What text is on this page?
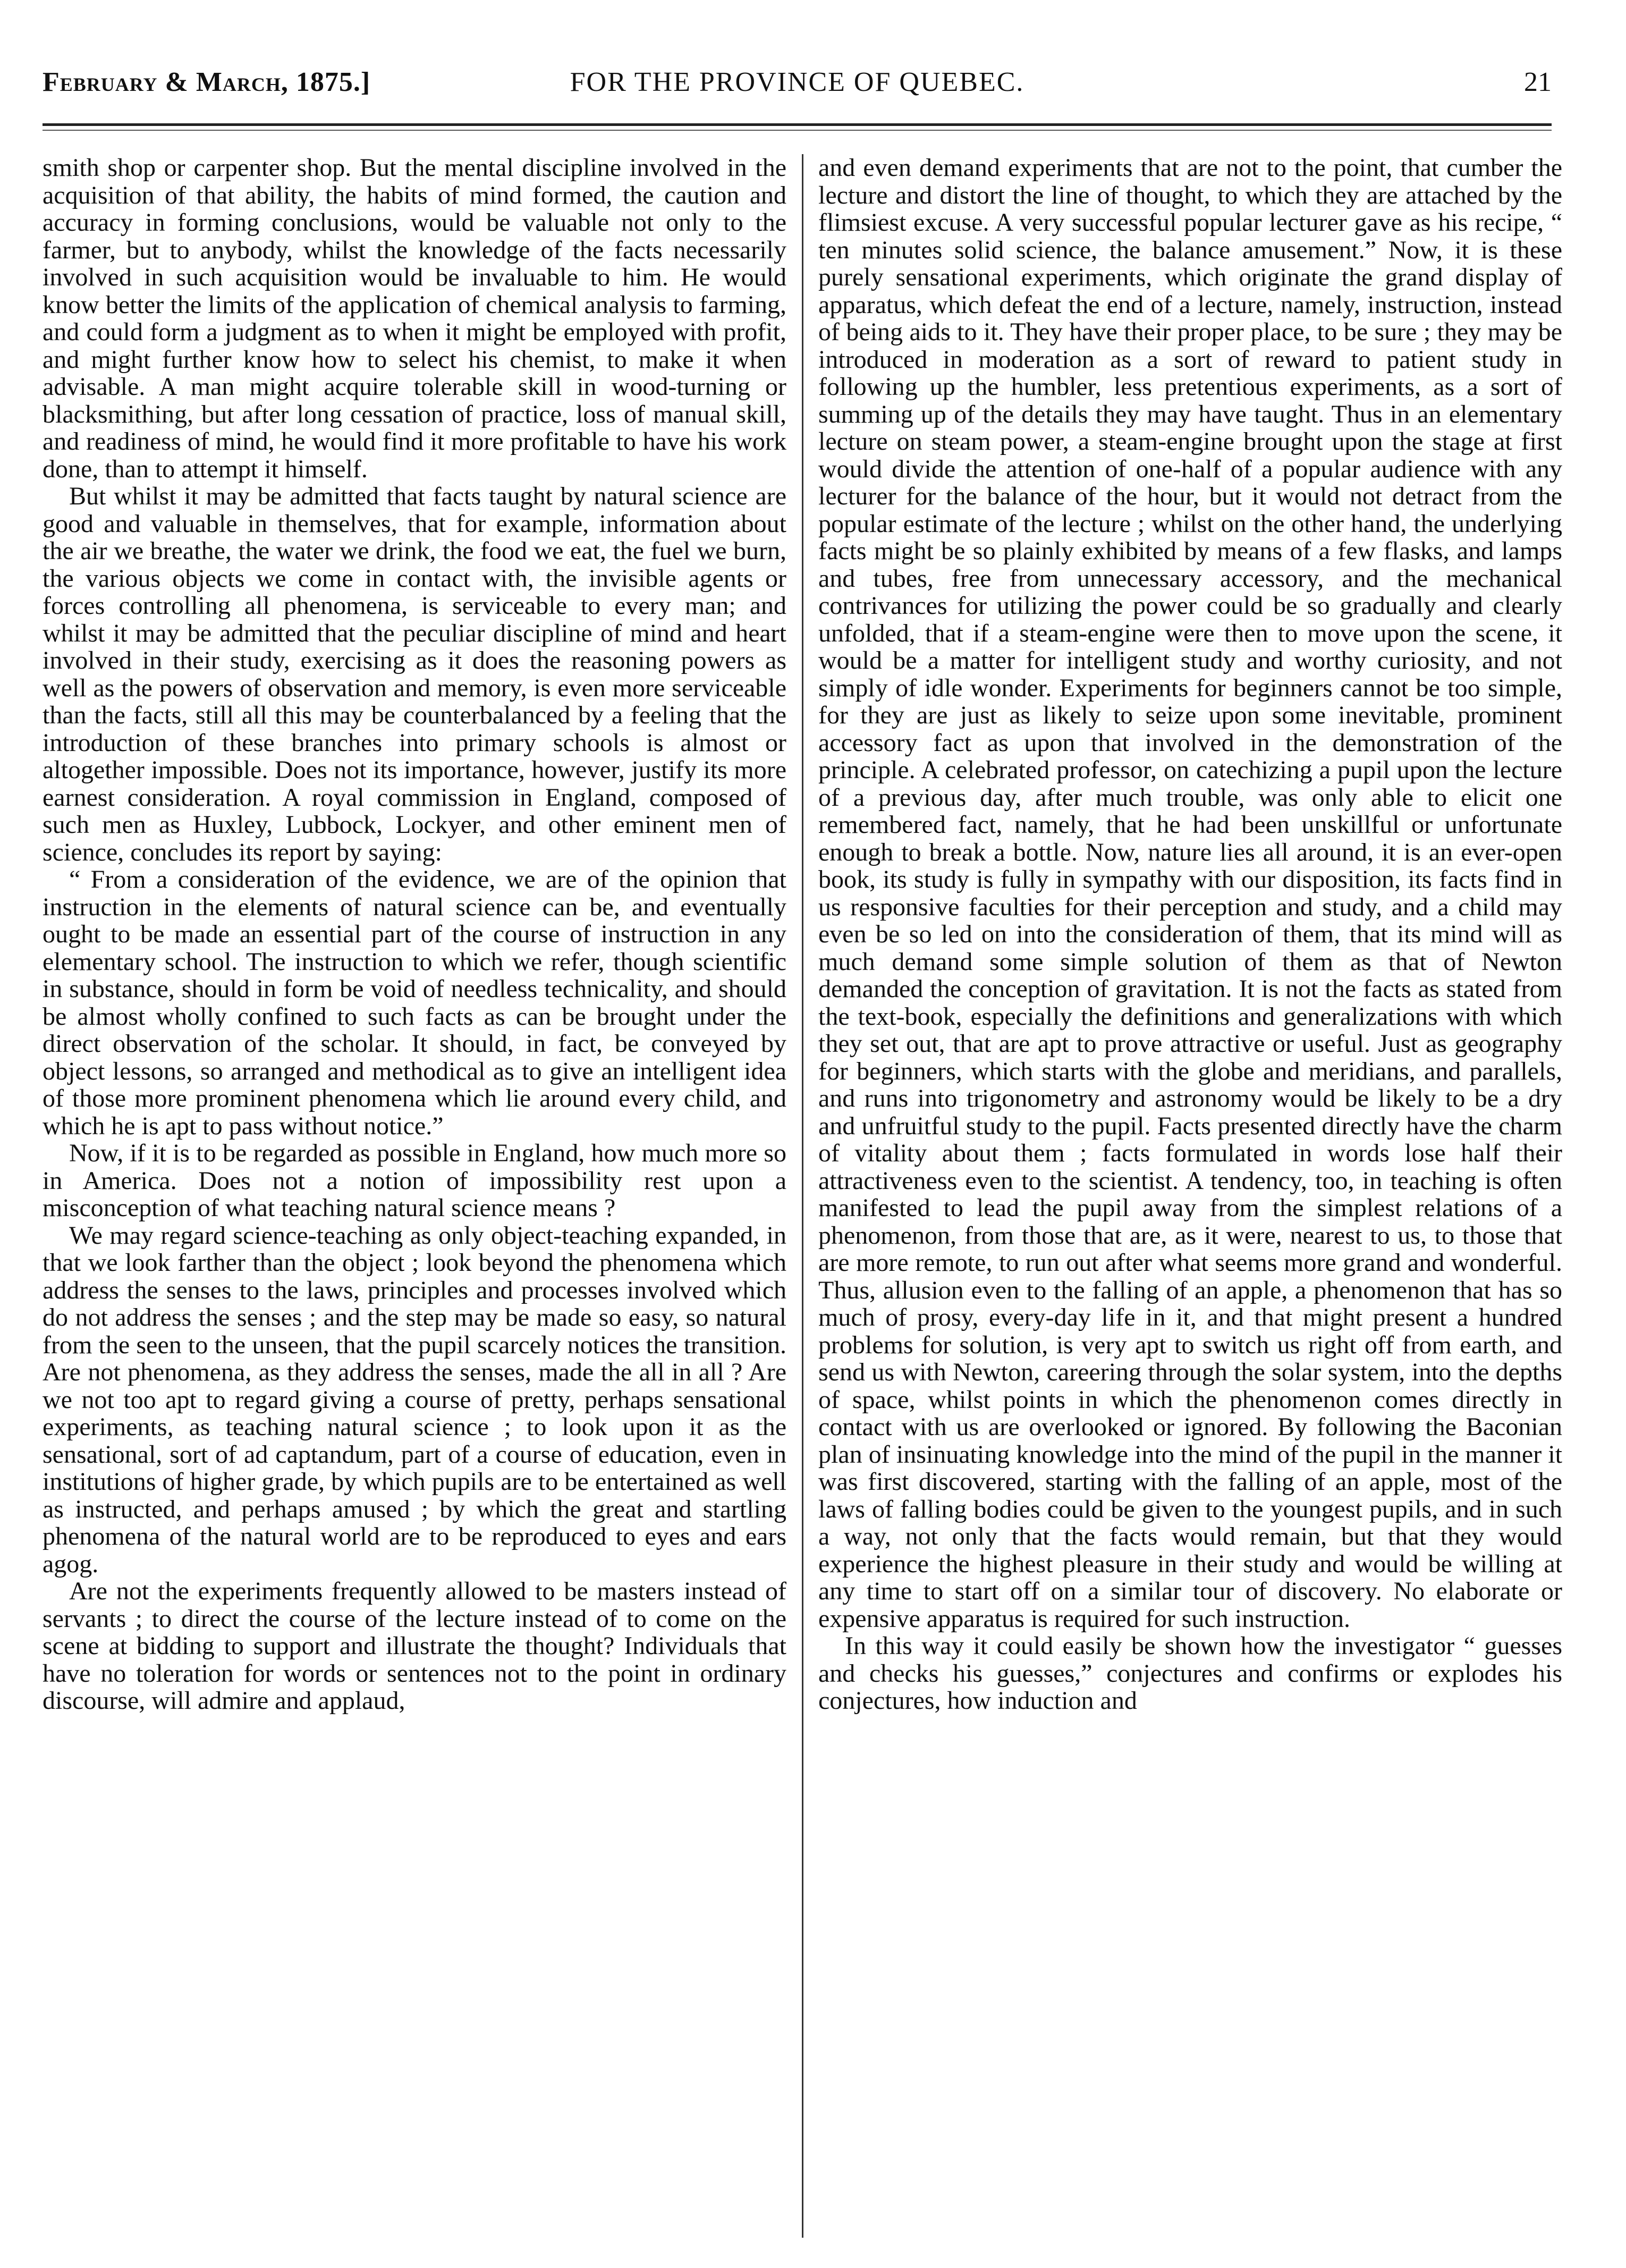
February & March, 1875.]	FOR THE PROVINCE OF QUEBEC.	21

smith shop or carpenter shop. But the mental discipline involved in the acquisition of that ability, the habits of mind formed, the caution and accuracy in forming conclusions, would be valuable not only to the farmer, but to anybody, whilst the knowledge of the facts necessarily involved in such acquisition would be invaluable to him. He would know better the limits of the application of chemical analysis to farming, and could form a judgment as to when it might be employed with profit, and might further know how to select his chemist, to make it when advisable. A man might acquire tolerable skill in wood-turning or blacksmithing, but after long cessation of practice, loss of manual skill, and readiness of mind, he would find it more profitable to have his work done, than to attempt it himself.

But whilst it may be admitted that facts taught by natural science are good and valuable in themselves, that for example, information about the air we breathe, the water we drink, the food we eat, the fuel we burn, the various objects we come in contact with, the invisible agents or forces controlling all phenomena, is serviceable to every man; and whilst it may be admitted that the peculiar discipline of mind and heart involved in their study, exercising as it does the reasoning powers as well as the powers of observation and memory, is even more serviceable than the facts, still all this may be counterbalanced by a feeling that the introduction of these branches into primary schools is almost or altogether impossible. Does not its importance, however, justify its more earnest consideration. A royal commission in England, composed of such men as Huxley, Lubbock, Lockyer, and other eminent men of science, concludes its report by saying:

“ From a consideration of the evidence, we are of the opinion that instruction in the elements of natural science can be, and eventually ought to be made an essential part of the course of instruction in any elementary school. The instruction to which we refer, though scientific in substance, should in form be void of needless technicality, and should be almost wholly confined to such facts as can be brought under the direct observation of the scholar. It should, in fact, be conveyed by object lessons, so arranged and methodical as to give an intelligent idea of those more prominent phenomena which lie around every child, and which he is apt to pass without notice.”

Now, if it is to be regarded as possible in England, how much more so in America. Does not a notion of impossibility rest upon a misconception of what teaching natural science means ?

We may regard science-teaching as only object-teaching expanded, in that we look farther than the object ; look beyond the phenomena which address the senses to the laws, principles and processes involved which do not address the senses ; and the step may be made so easy, so natural from the seen to the unseen, that the pupil scarcely notices the transition. Are not phenomena, as they address the senses, made the all in all ? Are we not too apt to regard giving a course of pretty, perhaps sensational experiments, as teaching natural science ; to look upon it as the sensational, sort of ad captandum, part of a course of education, even in institutions of higher grade, by which pupils are to be entertained as well as instructed, and perhaps amused ; by which the great and startling phenomena of the natural world are to be reproduced to eyes and ears agog.

Are not the experiments frequently allowed to be masters instead of servants ; to direct the course of the lecture instead of to come on the scene at bidding to support and illustrate the thought? Individuals that have no toleration for words or sentences not to the point in ordinary discourse, will admire and applaud,

and even demand experiments that are not to the point, that cumber the lecture and distort the line of thought, to which they are attached by the flimsiest excuse. A very successful popular lecturer gave as his recipe, “ ten minutes solid science, the balance amusement.” Now, it is these purely sensational experiments, which originate the grand display of apparatus, which defeat the end of a lecture, namely, instruction, instead of being aids to it. They have their proper place, to be sure ; they may be introduced in moderation as a sort of reward to patient study in following up the humbler, less pretentious experiments, as a sort of summing up of the details they may have taught. Thus in an elementary lecture on steam power, a steam-engine brought upon the stage at first would divide the attention of one-half of a popular audience with any lecturer for the balance of the hour, but it would not detract from the popular estimate of the lecture ; whilst on the other hand, the underlying facts might be so plainly exhibited by means of a few flasks, and lamps and tubes, free from unnecessary accessory, and the mechanical contrivances for utilizing the power could be so gradually and clearly unfolded, that if a steam-engine were then to move upon the scene, it would be a matter for intelligent study and worthy curiosity, and not simply of idle wonder. Experiments for beginners cannot be too simple, for they are just as likely to seize upon some inevitable, prominent accessory fact as upon that involved in the demonstration of the principle. A celebrated professor, on catechizing a pupil upon the lecture of a previous day, after much trouble, was only able to elicit one remembered fact, namely, that he had been unskillful or unfortunate enough to break a bottle. Now, nature lies all around, it is an ever-open book, its study is fully in sympathy with our disposition, its facts find in us responsive faculties for their perception and study, and a child may even be so led on into the consideration of them, that its mind will as much demand some simple solution of them as that of Newton demanded the conception of gravitation. It is not the facts as stated from the text-book, especially the definitions and generalizations with which they set out, that are apt to prove attractive or useful. Just as geography for beginners, which starts with the globe and meridians, and parallels, and runs into trigonometry and astronomy would be likely to be a dry and unfruitful study to the pupil. Facts presented directly have the charm of vitality about them ; facts formulated in words lose half their attractiveness even to the scientist. A tendency, too, in teaching is often manifested to lead the pupil away from the simplest relations of a phenomenon, from those that are, as it were, nearest to us, to those that are more remote, to run out after what seems more grand and wonderful. Thus, allusion even to the falling of an apple, a phenomenon that has so much of prosy, every-day life in it, and that might present a hundred problems for solution, is very apt to switch us right off from earth, and send us with Newton, careering through the solar system, into the depths of space, whilst points in which the phenomenon comes directly in contact with us are overlooked or ignored. By following the Baconian plan of insinuating knowledge into the mind of the pupil in the manner it was first discovered, starting with the falling of an apple, most of the laws of falling bodies could be given to the youngest pupils, and in such a way, not only that the facts would remain, but that they would experience the highest pleasure in their study and would be willing at any time to start off on a similar tour of discovery. No elaborate or expensive apparatus is required for such instruction.

In this way it could easily be shown how the investigator “ guesses and checks his guesses,” conjectures and confirms or explodes his conjectures, how induction and
